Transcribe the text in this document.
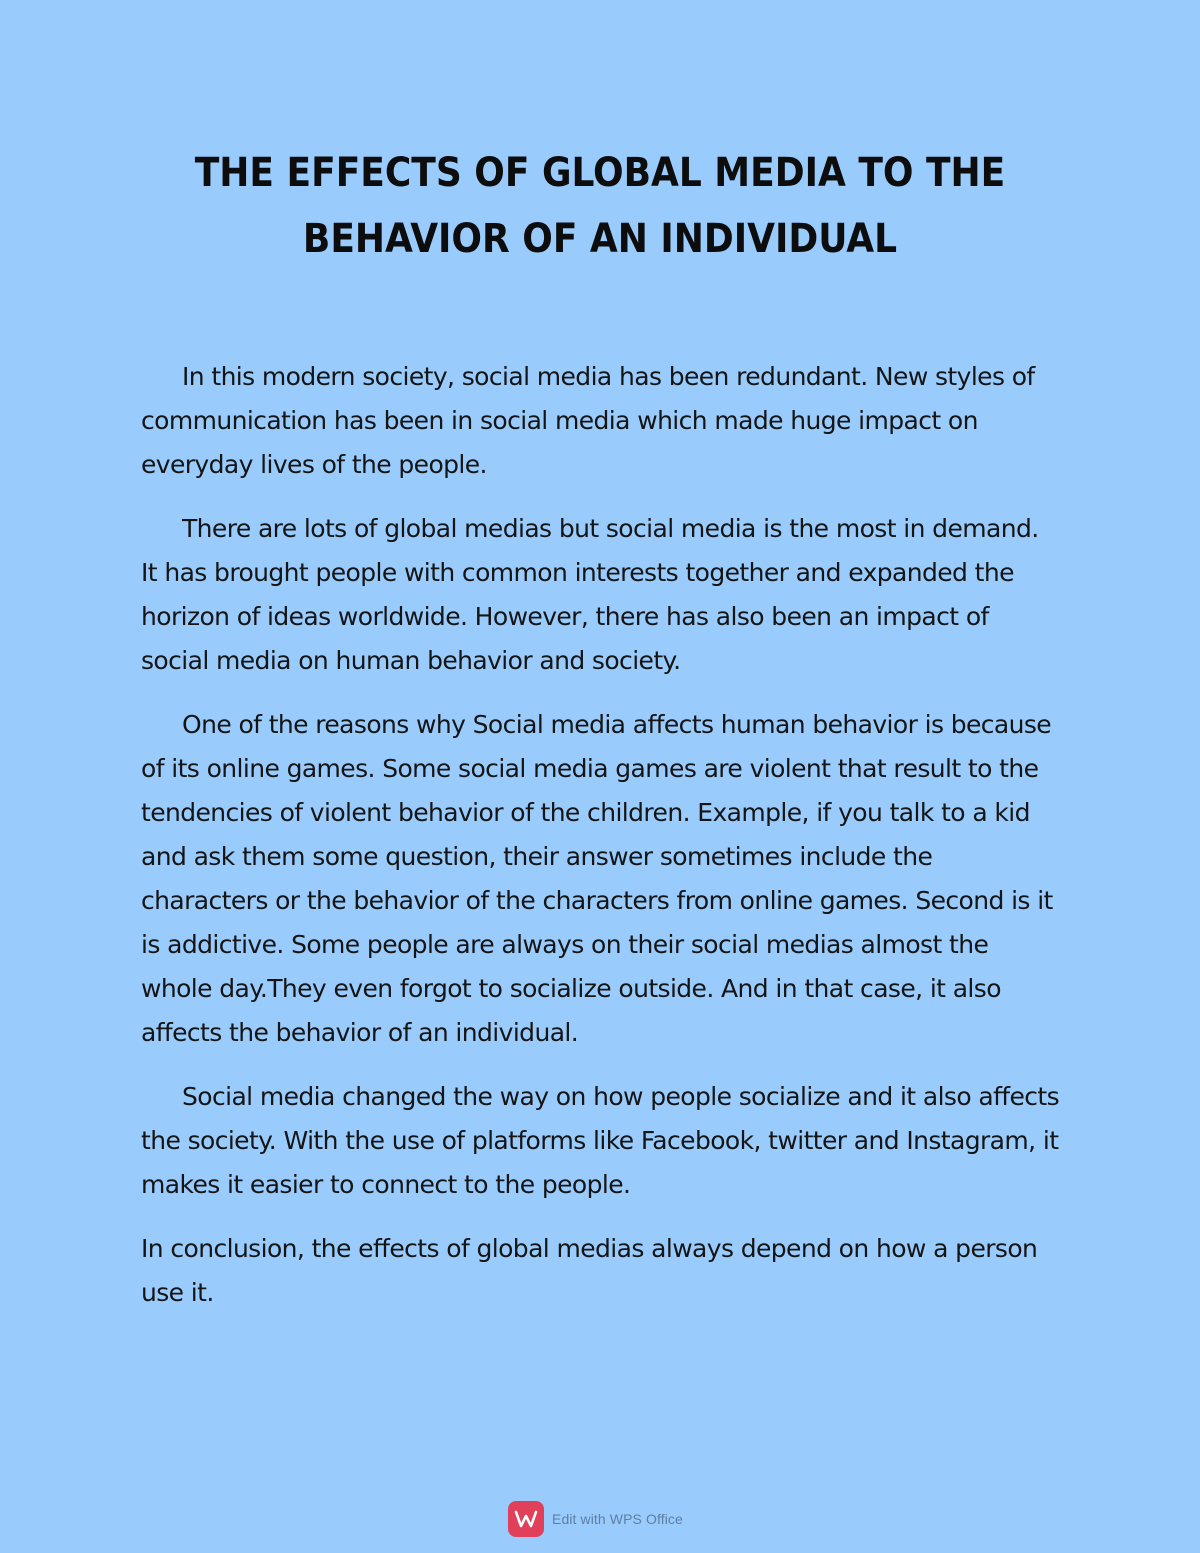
THE EFFECTS OF GLOBAL MEDIA TO THE
BEHAVIOR OF AN INDIVIDUAL

In this modern society, social media has been redundant. New styles of communication has been in social media which made huge impact on everyday lives of the people.

There are lots of global medias but social media is the most in demand. It has brought people with common interests together and expanded the horizon of ideas worldwide. However, there has also been an impact of social media on human behavior and society.

One of the reasons why Social media affects human behavior is because of its online games. Some social media games are violent that result to the tendencies of violent behavior of the children. Example, if you talk to a kid and ask them some question, their answer sometimes include the characters or the behavior of the characters from online games. Second is it is addictive. Some people are always on their social medias almost the whole day.They even forgot to socialize outside. And in that case, it also affects the behavior of an individual.

Social media changed the way on how people socialize and it also affects the society. With the use of platforms like Facebook, twitter and Instagram, it makes it easier to connect to the people.

In conclusion, the effects of global medias always depend on how a person use it.

Edit with WPS Office
